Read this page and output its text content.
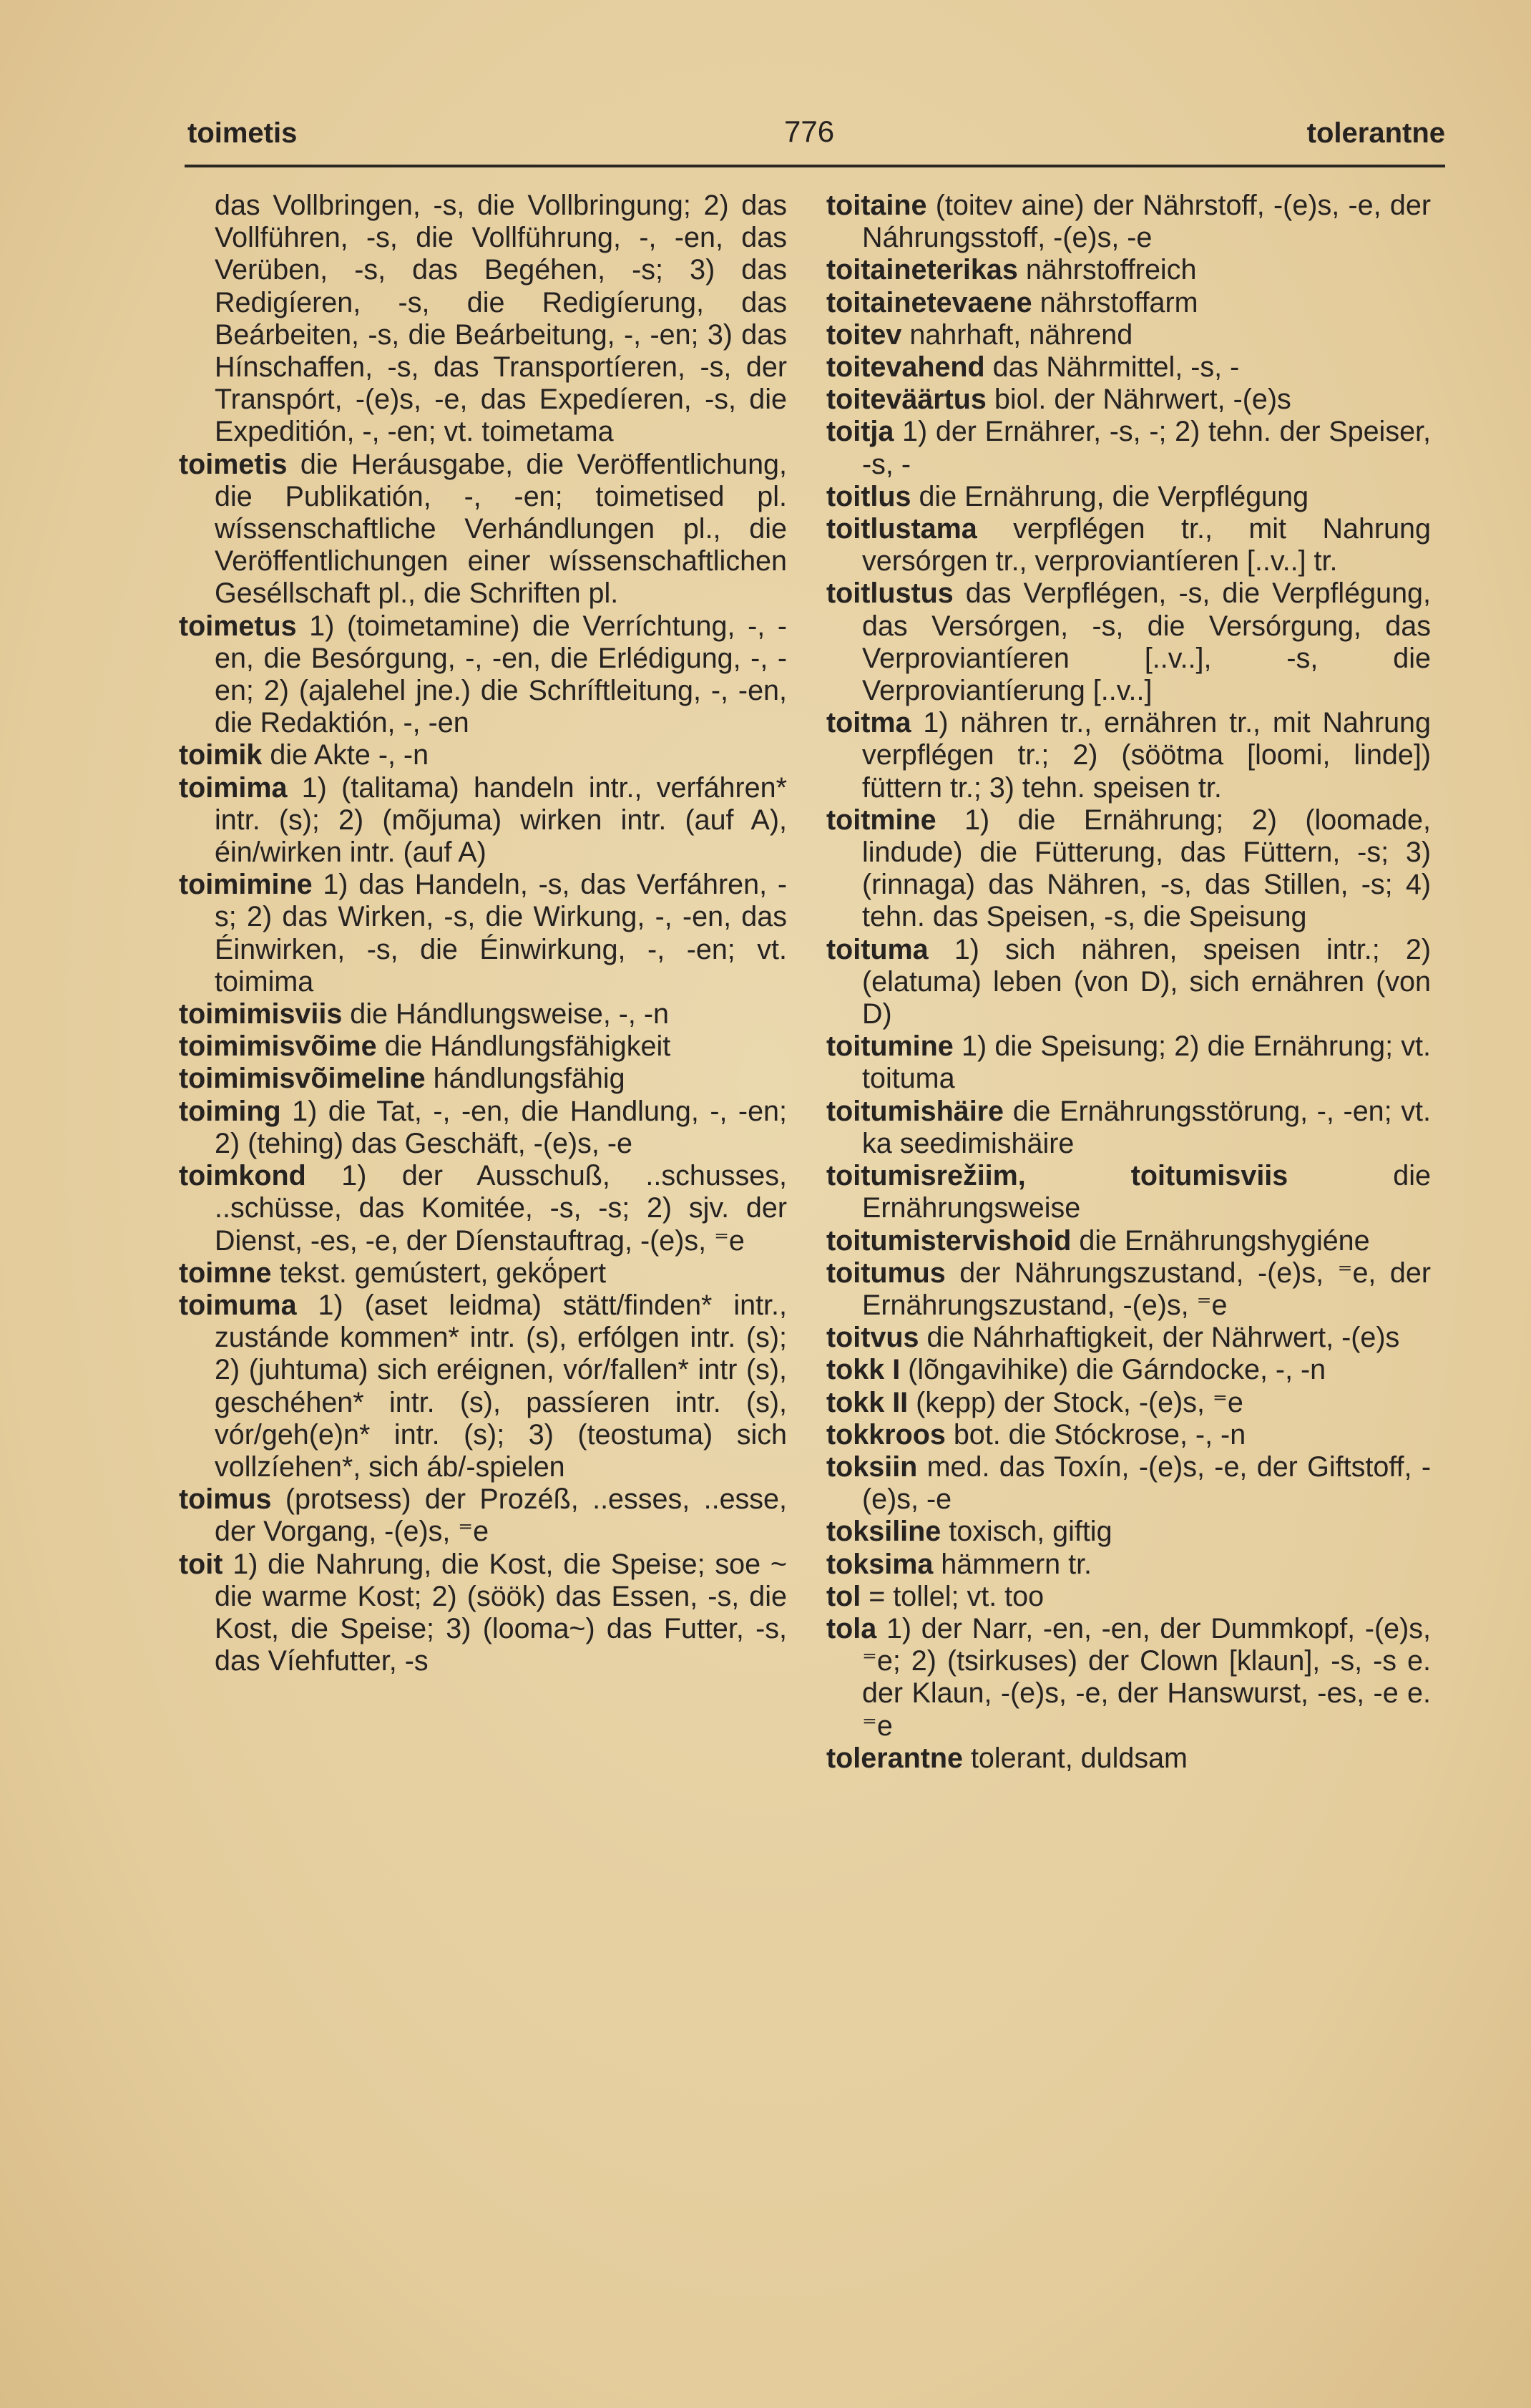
toimetis	776	tolerantne
das Vollbringen, -s, die Vollbringung; 2) das Vollführen, -s, die Vollführung, -, -en, das Verüben, -s, das Begéhen, -s; 3) das Redigíeren, -s, die Redigíerung, das Beárbeiten, -s, die Beárbeitung, -, -en; 3) das Hínschaffen, -s, das Transportíeren, -s, der Transpórt, -(e)s, -e, das Expedíeren, -s, die Expeditión, -, -en; vt. toimetama
toimetis die Heráusgabe, die Veröffentlichung, die Publikatión, -, -en; toimetised pl. wíssenschaftliche Verhándlungen pl., die Veröffentlichungen einer wíssenschaftlichen Geséllschaft pl., die Schriften pl.
toimetus 1) (toimetamine) die Verríchtung, -, -en, die Besórgung, -, -en, die Erlédigung, -, -en; 2) (ajalehel jne.) die Schríftleitung, -, -en, die Redaktión, -, -en
toimik die Akte -, -n
toimima 1) (talitama) handeln intr., verfáhren* intr. (s); 2) (mõjuma) wirken intr. (auf A), éin/wirken intr. (auf A)
toimimine 1) das Handeln, -s, das Verfáhren, -s; 2) das Wirken, -s, die Wirkung, -, -en, das Éinwirken, -s, die Éinwirkung, -, -en; vt. toimima
toimimisviis die Hándlungsweise, -, -n
toimimisvõime die Hándlungsfähigkeit
toimimisvõimeline hándlungsfähig
toiming 1) die Tat, -, -en, die Handlung, -, -en; 2) (tehing) das Geschäft, -(e)s, -e
toimkond 1) der Ausschuß, ..schusses, ..schüsse, das Komitée, -s, -s; 2) sjv. der Dienst, -es, -e, der Díenstauftrag, -(e)s, ⁼e
toimne tekst. gemústert, gekö́pert
toimuma 1) (aset leidma) stätt/finden* intr., zustánde kommen* intr. (s), erfólgen intr. (s); 2) (juhtuma) sich eréignen, vór/fallen* intr (s), geschéhen* intr. (s), passíeren intr. (s), vór/geh(e)n* intr. (s); 3) (teostuma) sich vollzíehen*, sich áb/-spielen
toimus (protsess) der Prozéß, ..esses, ..esse, der Vorgang, -(e)s, ⁼e
toit 1) die Nahrung, die Kost, die Speise; soe ~ die warme Kost; 2) (söök) das Essen, -s, die Kost, die Speise; 3) (looma~) das Futter, -s, das Víehfutter, -s
toitaine (toitev aine) der Nährstoff, -(e)s, -e, der Náhrungsstoff, -(e)s, -e
toitaineterikas nährstoffreich
toitainetevaene nährstoffarm
toitev nahrhaft, nährend
toitevahend das Nährmittel, -s, -
toiteväärtus biol. der Nährwert, -(e)s
toitja 1) der Ernährer, -s, -; 2) tehn. der Speiser, -s, -
toitlus die Ernährung, die Verpflégung
toitlustama verpflégen tr., mit Nahrung versórgen tr., verproviantíeren [..v..] tr.
toitlustus das Verpflégen, -s, die Verpflégung, das Versórgen, -s, die Versórgung, das Verproviantíeren [..v..], -s, die Verproviantíerung [..v..]
toitma 1) nähren tr., ernähren tr., mit Nahrung verpflégen tr.; 2) (söötma [loomi, linde]) füttern tr.; 3) tehn. speisen tr.
toitmine 1) die Ernährung; 2) (loomade, lindude) die Fütterung, das Füttern, -s; 3) (rinnaga) das Nähren, -s, das Stillen, -s; 4) tehn. das Speisen, -s, die Speisung
toituma 1) sich nähren, speisen intr.; 2) (elatuma) leben (von D), sich ernähren (von D)
toitumine 1) die Speisung; 2) die Ernährung; vt. toituma
toitumishäire die Ernährungsstörung, -, -en; vt. ka seedimishäire
toitumisrežiim, toitumisviis	die Ernährungsweise
toitumistervishoid die Ernährungshygiéne
toitumus der Nährungszustand, -(e)s, ⁼e, der Ernährungszustand, -(e)s, ⁼e
toitvus die Náhrhaftigkeit, der Nährwert, -(e)s
tokk I (lõngavihike) die Gárndocke, -, -n
tokk II (kepp) der Stock, -(e)s, ⁼e
tokkroos bot. die Stóckrose, -, -n
toksiin med. das Toxín, -(e)s, -e, der Giftstoff, -(e)s, -e
toksiline toxisch, giftig
toksima hämmern tr.
tol = tollel; vt. too
tola 1) der Narr, -en, -en, der Dummkopf, -(e)s, ⁼e; 2) (tsirkuses) der Clown [klaun], -s, -s e. der Klaun, -(e)s, -e, der Hanswurst, -es, -e e. ⁼e
tolerantne tolerant, duldsam
